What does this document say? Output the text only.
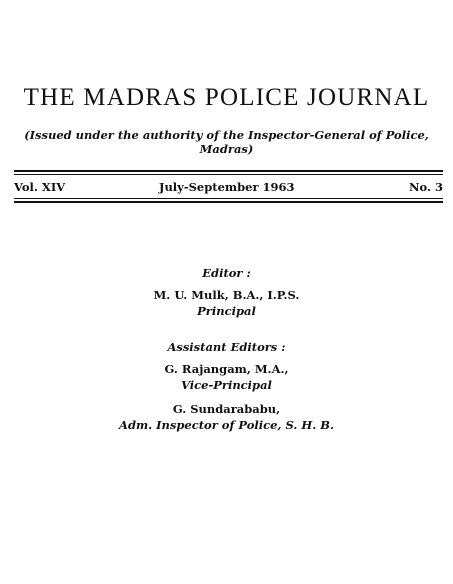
THE MADRAS POLICE JOURNAL
(Issued under the authority of the Inspector-General of Police, Madras)
Vol. XIV	July-September 1963	No. 3
Editor :
M. U. Mulk, B.A., I.P.S.
Principal
Assistant Editors :
G. Rajangam, M.A.,
Vice-Principal
G. Sundarababu,
Adm. Inspector of Police, S. H. B.
